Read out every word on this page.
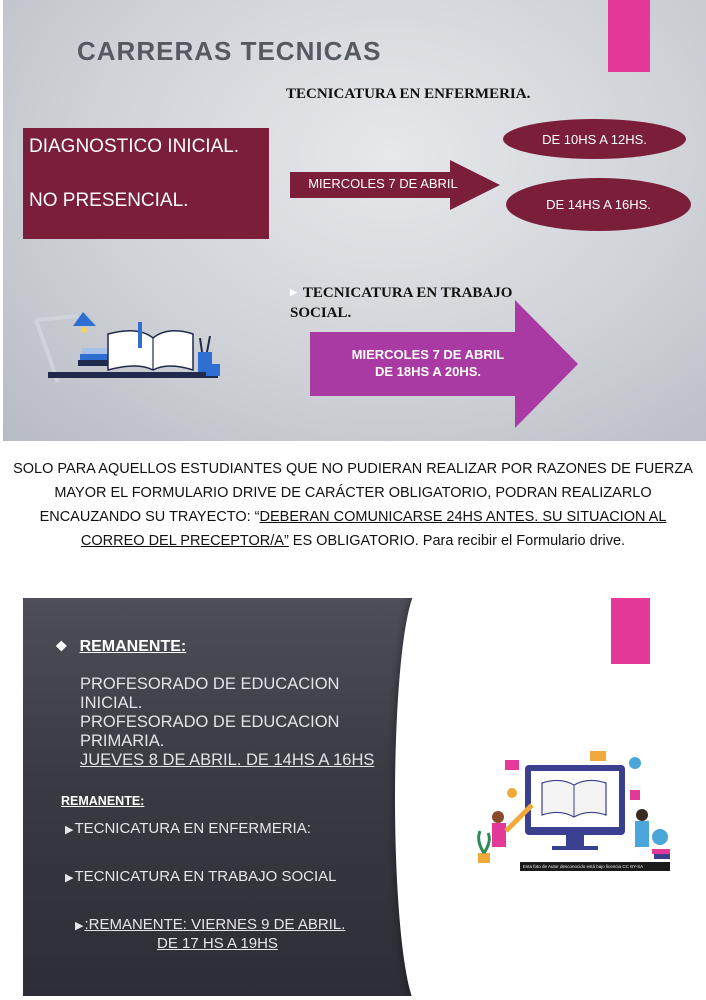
CARRERAS TECNICAS
TECNICATURA EN ENFERMERIA.
DIAGNOSTICO INICIAL.
NO PRESENCIAL.
MIERCOLES 7 DE ABRIL
DE 10HS A 12HS.
DE 14HS A 16HS.
▶ TECNICATURA EN TRABAJO
SOCIAL.
MIERCOLES 7 DE ABRIL
DE 18HS A 20HS.
SOLO PARA AQUELLOS ESTUDIANTES QUE NO PUDIERAN REALIZAR POR RAZONES DE FUERZA MAYOR EL FORMULARIO DRIVE DE CARÁCTER OBLIGATORIO, PODRAN REALIZARLO ENCAUZANDO SU TRAYECTO: “DEBERAN COMUNICARSE 24HS ANTES. SU SITUACION AL CORREO DEL PRECEPTOR/A” ES OBLIGATORIO. Para recibir el Formulario drive.
❖ REMANENTE:
PROFESORADO DE EDUCACION
INICIAL.
PROFESORADO DE EDUCACION
PRIMARIA.
JUEVES 8 DE ABRIL. DE 14HS A 16HS
REMANENTE:
▶TECNICATURA EN ENFERMERIA:
▶TECNICATURA EN TRABAJO SOCIAL
▶:REMANENTE: VIERNES 9 DE ABRIL.
DE 17 HS A 19HS
Esta foto de Autor desconocido está bajo licencia CC BY-SA
